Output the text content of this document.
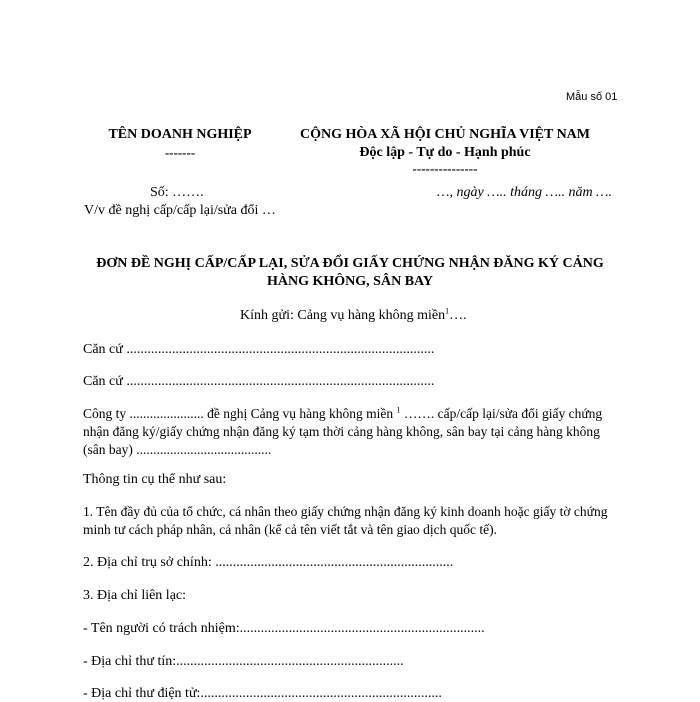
Mẫu số 01
TÊN DOANH NGHIỆP
-------
Số: …….
V/v đề nghị cấp/cấp lại/sửa đổi …
CỘNG HÒA XÃ HỘI CHỦ NGHĨA VIỆT NAM
Độc lập - Tự do - Hạnh phúc
---------------
…, ngày ….. tháng ….. năm ….
ĐƠN ĐỀ NGHỊ CẤP/CẤP LẠI, SỬA ĐỔI GIẤY CHỨNG NHẬN ĐĂNG KÝ CẢNG
HÀNG KHÔNG, SÂN BAY
Kính gửi: Cảng vụ hàng không miền$^1$….
Căn cứ ........................................................................................
Căn cứ ........................................................................................
Công ty ...................... đề nghị Cảng vụ hàng không miền $^1$ ……. cấp/cấp lại/sửa đổi giấy chứng nhận đăng ký/giấy chứng nhận đăng ký tạm thời cảng hàng không, sân bay tại cảng hàng không (sân bay) ........................................
Thông tin cụ thể như sau:
1. Tên đầy đủ của tổ chức, cá nhân theo giấy chứng nhận đăng ký kinh doanh hoặc giấy tờ chứng minh tư cách pháp nhân, cá nhân (kể cả tên viết tắt và tên giao dịch quốc tế).
2. Địa chỉ trụ sở chính: ....................................................................
3. Địa chỉ liên lạc:
- Tên người có trách nhiệm:......................................................................
- Địa chỉ thư tín:.................................................................
- Địa chỉ thư điện tử:.....................................................................
